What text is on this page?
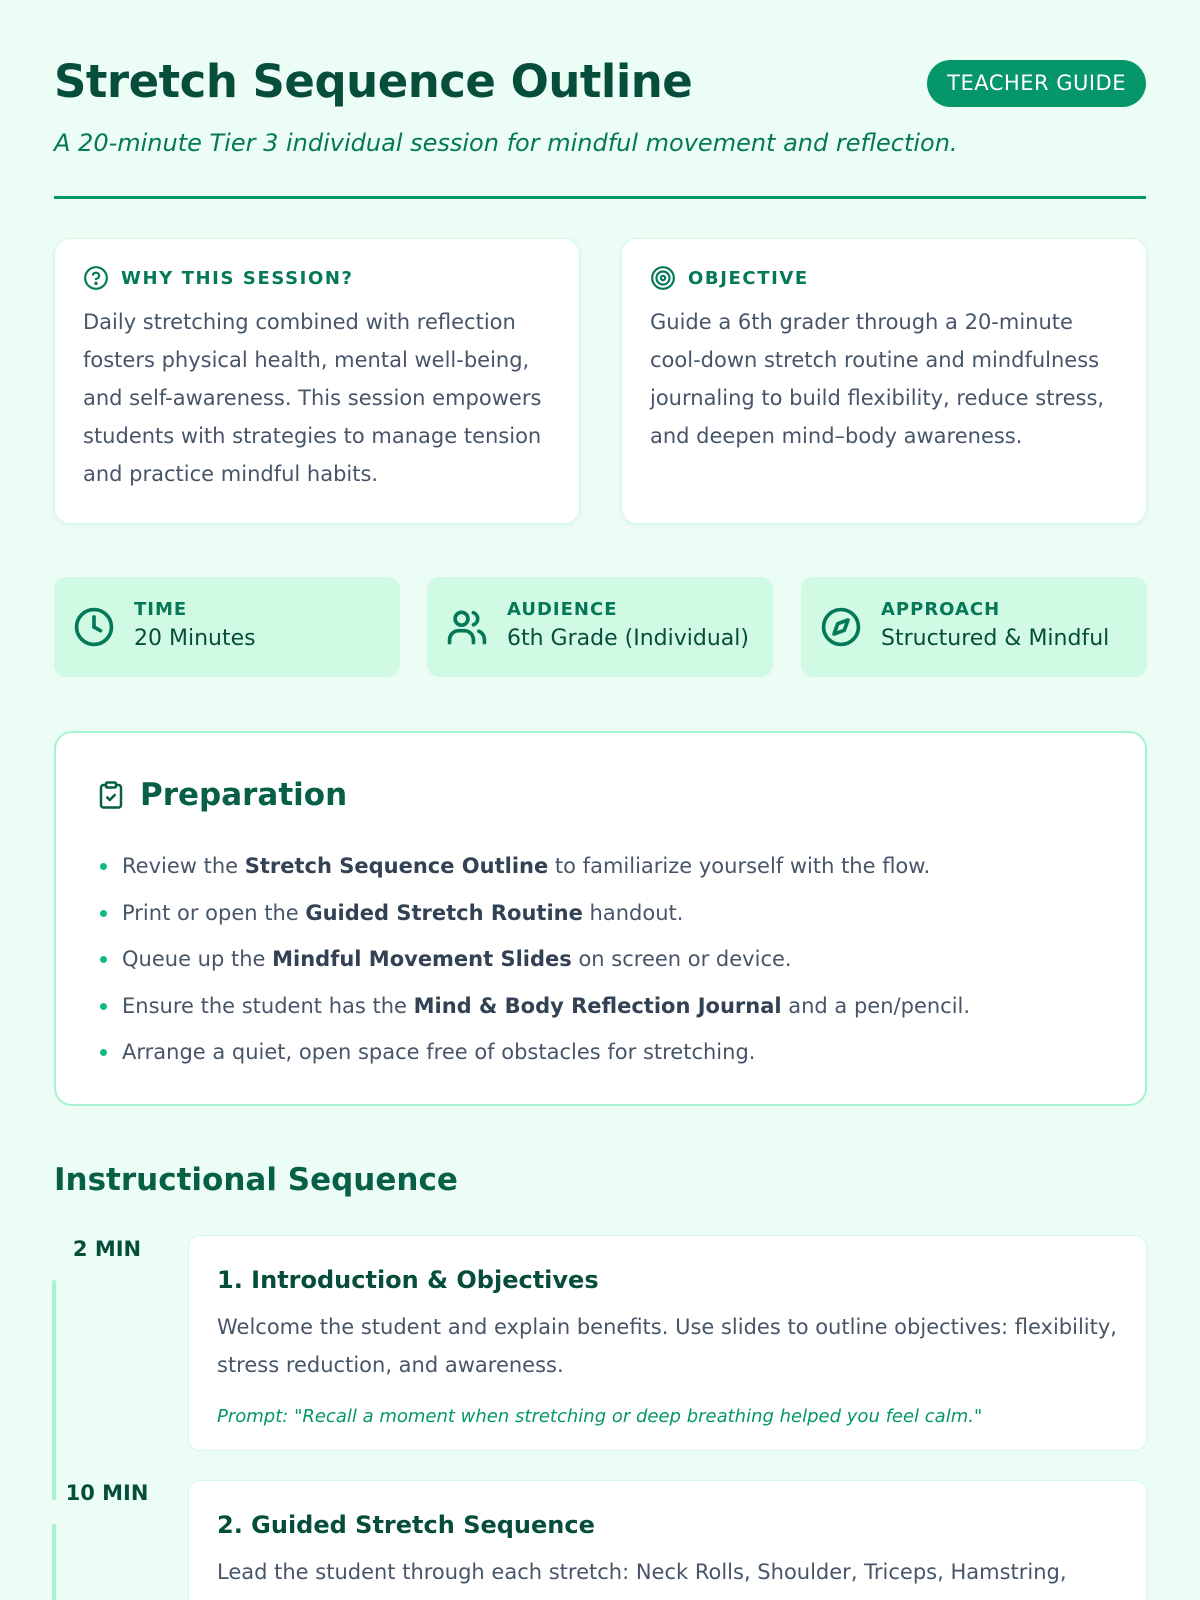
Stretch Sequence Outline	TEACHER GUIDE

A 20-minute Tier 3 individual session for mindful movement and reflection.

WHY THIS SESSION?
Daily stretching combined with reflection fosters physical health, mental well-being, and self-awareness. This session empowers students with strategies to manage tension and practice mindful habits.
OBJECTIVE
Guide a 6th grader through a 20-minute cool-down stretch routine and mindfulness journaling to build flexibility, reduce stress, and deepen mind–body awareness.
TIME
20 Minutes
AUDIENCE
6th Grade (Individual)
APPROACH
Structured & Mindful
Preparation
Review the Stretch Sequence Outline to familiarize yourself with the flow.
Print or open the Guided Stretch Routine handout.
Queue up the Mindful Movement Slides on screen or device.
Ensure the student has the Mind & Body Reflection Journal and a pen/pencil.
Arrange a quiet, open space free of obstacles for stretching.
Instructional Sequence
2 MIN
1. Introduction & Objectives
Welcome the student and explain benefits. Use slides to outline objectives: flexibility, stress reduction, and awareness.
Prompt: "Recall a moment when stretching or deep breathing helped you feel calm."
10 MIN
2. Guided Stretch Sequence
Lead the student through each stretch: Neck Rolls, Shoulder, Triceps, Hamstring,
